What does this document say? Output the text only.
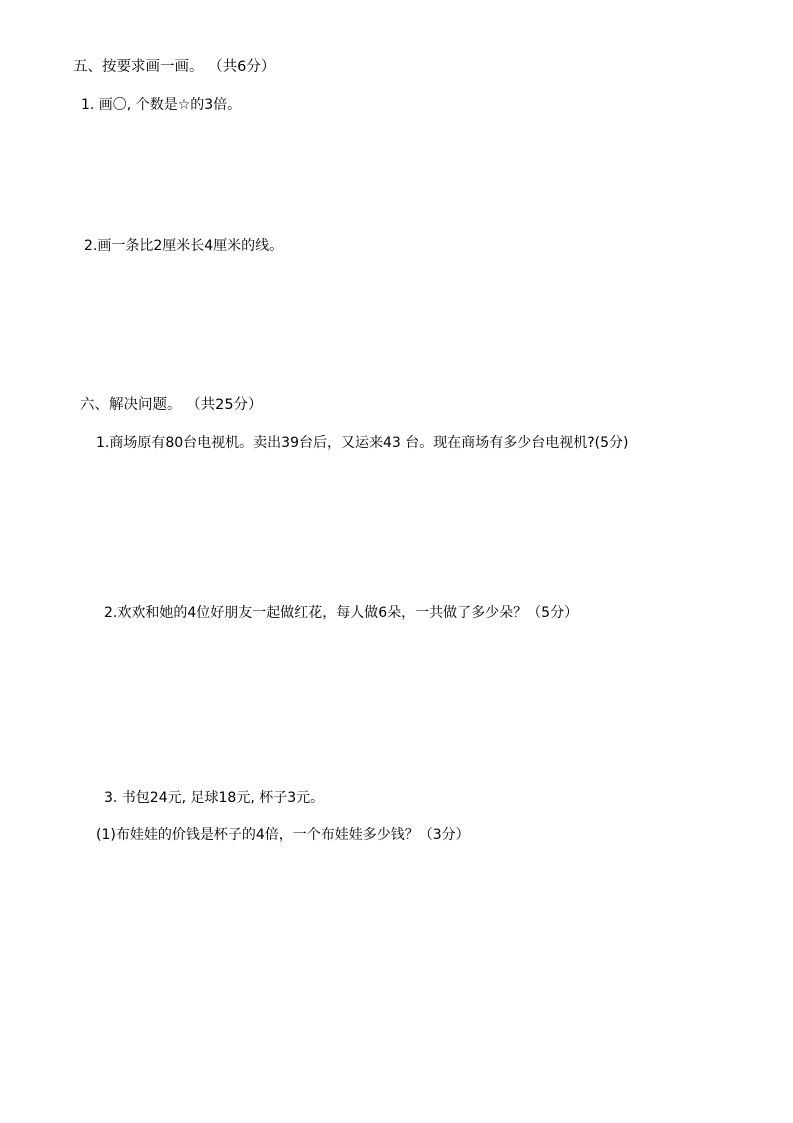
五、按要求画一画。 （共6分）
1. 画〇, 个数是☆的3倍。
2.画一条比2厘米长4厘米的线。
六、解决问题。 （共25分）
1.商场原有80台电视机。卖出39台后，又运来43 台。现在商场有多少台电视机?(5分)
2.欢欢和她的4位好朋友一起做红花，每人做6朵，一共做了多少朵？（5分）
3. 书包24元, 足球18元, 杯子3元。
(1)布娃娃的价钱是杯子的4倍，一个布娃娃多少钱？（3分）
